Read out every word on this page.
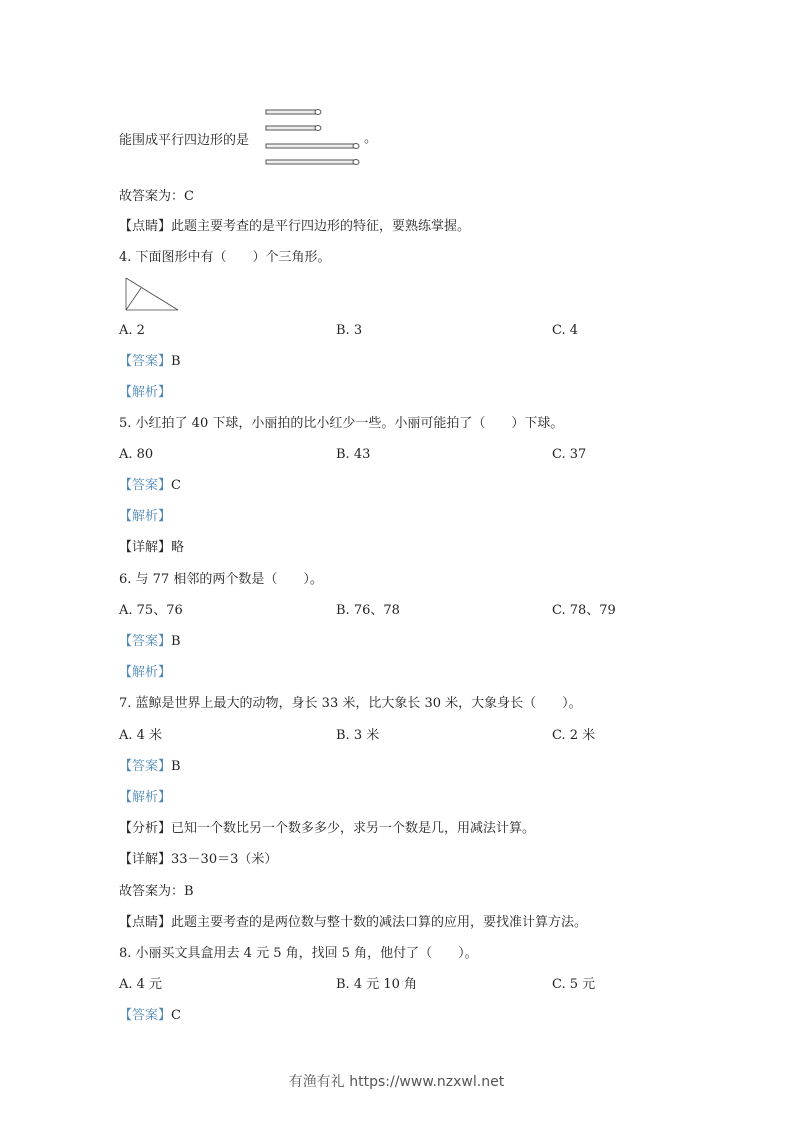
能围成平行四边形的是	。
故答案为：C
【点睛】此题主要考查的是平行四边形的特征，要熟练掌握。
4. 下面图形中有（　　）个三角形。
A. 2	B. 3	C. 4
【答案】B
【解析】
5. 小红拍了 40 下球，小丽拍的比小红少一些。小丽可能拍了（　　）下球。
A. 80	B. 43	C. 37
【答案】C
【解析】
【详解】略
6. 与 77 相邻的两个数是（　　）。
A. 75、76	B. 76、78	C. 78、79
【答案】B
【解析】
7. 蓝鲸是世界上最大的动物，身长 33 米，比大象长 30 米，大象身长（　　）。
A. 4 米	B. 3 米	C. 2 米
【答案】B
【解析】
【分析】已知一个数比另一个数多多少，求另一个数是几，用减法计算。
【详解】33－30＝3（米）
故答案为：B
【点睛】此题主要考查的是两位数与整十数的减法口算的应用，要找准计算方法。
8. 小丽买文具盒用去 4 元 5 角，找回 5 角，他付了（　　）。
A. 4 元	B. 4 元 10 角	C. 5 元
【答案】C
有渔有礼 https://www.nzxwl.net
